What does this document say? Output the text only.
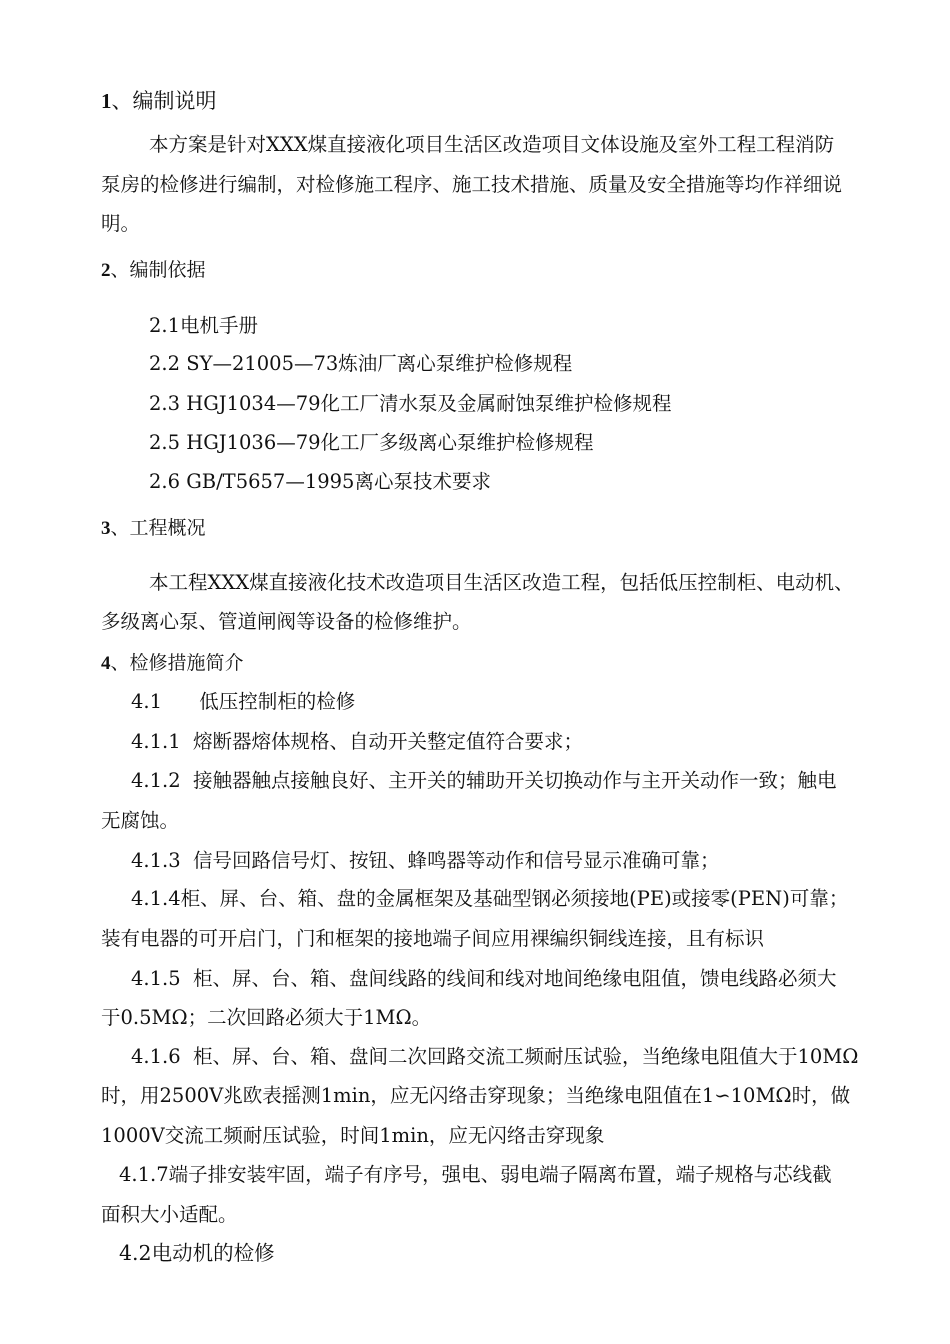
1、编制说明
本方案是针对XXX煤直接液化项目生活区改造项目文体设施及室外工程工程消防
泵房的检修进行编制，对检修施工程序、施工技术措施、质量及安全措施等均作祥细说
明。
2、编制依据
2.1电机手册
2.2 SY—21005—73炼油厂离心泵维护检修规程
2.3 HGJ1034—79化工厂清水泵及金属耐蚀泵维护检修规程
2.5 HGJ1036—79化工厂多级离心泵维护检修规程
2.6 GB/T5657—1995离心泵技术要求
3、工程概况
本工程XXX煤直接液化技术改造项目生活区改造工程，包括低压控制柜、电动机、
多级离心泵、管道闸阀等设备的检修维护。
4、检修措施简介
4.1      低压控制柜的检修
4.1.1  熔断器熔体规格、自动开关整定值符合要求；
4.1.2  接触器触点接触良好、主开关的辅助开关切换动作与主开关动作一致；触电
无腐蚀。
4.1.3  信号回路信号灯、按钮、蜂鸣器等动作和信号显示准确可靠；
4.1.4柜、屏、台、箱、盘的金属框架及基础型钢必须接地(PE)或接零(PEN)可靠；
装有电器的可开启门，门和框架的接地端子间应用裸编织铜线连接，且有标识
4.1.5  柜、屏、台、箱、盘间线路的线间和线对地间绝缘电阻值，馈电线路必须大
于0.5MΩ；二次回路必须大于1MΩ。
4.1.6  柜、屏、台、箱、盘间二次回路交流工频耐压试验，当绝缘电阻值大于10MΩ
时，用2500V兆欧表摇测1min，应无闪络击穿现象；当绝缘电阻值在1∽10MΩ时，做
1000V交流工频耐压试验，时间1min，应无闪络击穿现象
4.1.7端子排安装牢固，端子有序号，强电、弱电端子隔离布置，端子规格与芯线截
面积大小适配。
4.2电动机的检修
